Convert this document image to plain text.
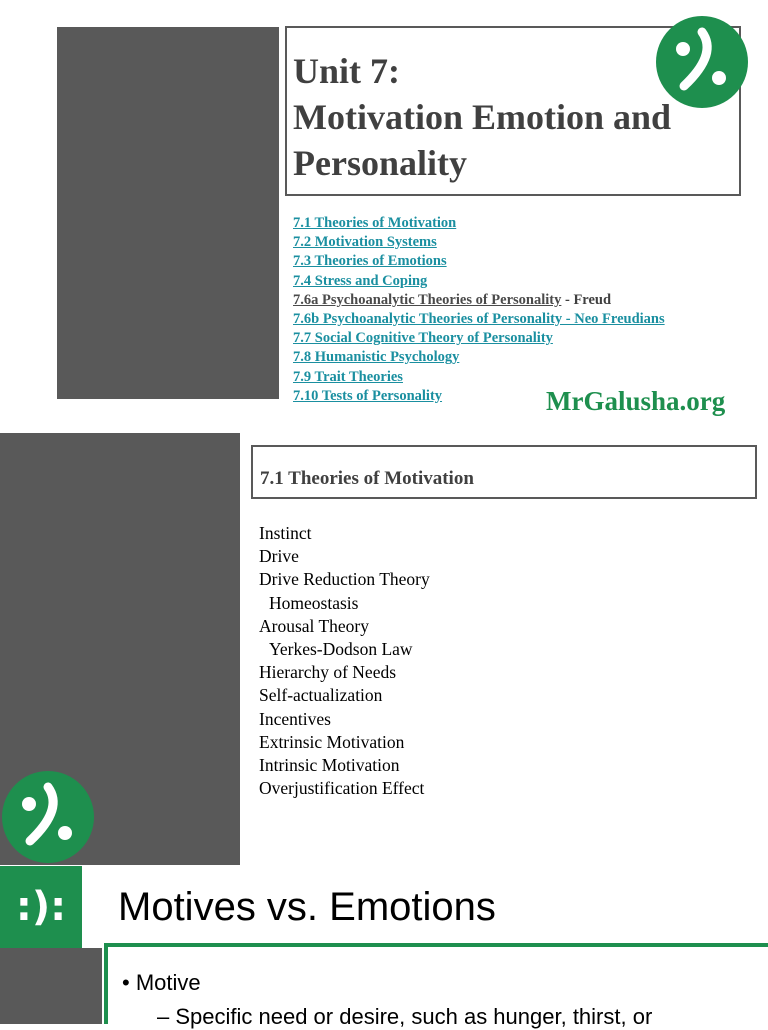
Unit 7:
Motivation Emotion and
Personality
7.1 Theories of Motivation
7.2 Motivation Systems
7.3 Theories of Emotions
7.4 Stress and Coping
7.6a Psychoanalytic Theories of Personality - Freud
7.6b Psychoanalytic Theories of Personality - Neo Freudians
7.7 Social Cognitive Theory of Personality
7.8 Humanistic Psychology
7.9 Trait Theories
7.10 Tests of Personality	MrGalusha.org
7.1 Theories of Motivation
Instinct
Drive
Drive Reduction Theory
Homeostasis
Arousal Theory
Yerkes-Dodson Law
Hierarchy of Needs
Self-actualization
Incentives
Extrinsic Motivation
Intrinsic Motivation
Overjustification Effect
:):	Motives vs. Emotions
• Motive
– Specific need or desire, such as hunger, thirst, or
